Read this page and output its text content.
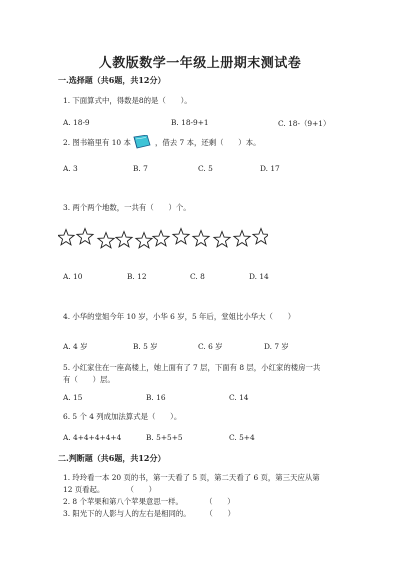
人教版数学一年级上册期末测试卷
一.选择题（共6题，共12分）
1. 下面算式中，得数是8的是（　　）。
A. 18-9	B. 18-9+1	C. 18-（9+1）
2. 图书箱里有 10 本	，借去 7 本，还剩（　　）本。
A. 3	B. 7	C. 5	D. 17
3. 两个两个地数，一共有（　　）个。
A. 10	B. 12	C. 8	D. 14
4. 小华的堂姐今年 10 岁，小华 6 岁，5 年后，堂姐比小华大（　　）
A. 4 岁	B. 5 岁	C. 6 岁	D. 7 岁
5. 小红家住在一座高楼上，她上面有了 7 层，下面有 8 层，小红家的楼房一共
有（　　）层。
A. 15	B. 16	C. 14
6. 5 个 4 列成加法算式是（　　）。
A. 4+4+4+4+4	B. 5+5+5	C. 5+4
二.判断题（共6题，共12分）
1. 玲玲看一本 20 页的书，第一天看了 5 页，第二天看了 6 页，第三天应从第
12 页看起。　　　　（　　）
2. 8 个苹果和第八个苹果意思一样。　　　　（　　）
3. 阳光下的人影与人的左右是相同的。　　　（　　）
